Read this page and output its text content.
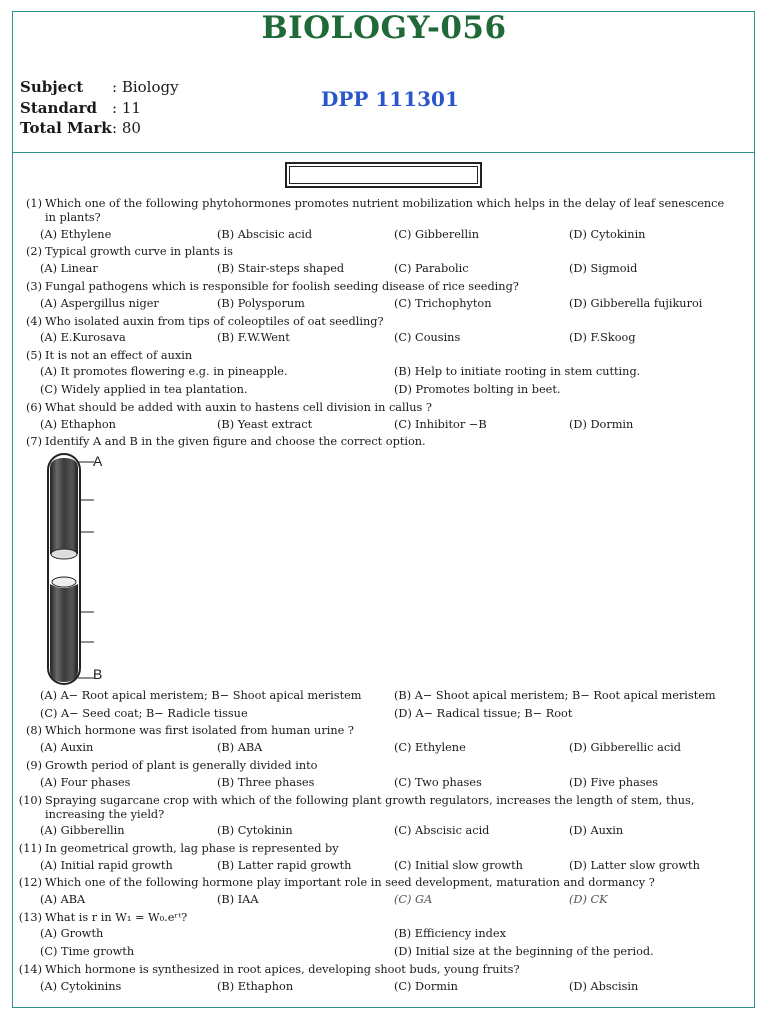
BIOLOGY-056
Subject : Biology
Standard : 11
Total Mark: 80
DPP 111301
(1) Which one of the following phytohormones promotes nutrient mobilization which helps in the delay of leaf senescence in plants?
(A) Ethylene	(B) Abscisic acid	(C) Gibberellin	(D) Cytokinin
(2) Typical growth curve in plants is
(A) Linear	(B) Stair-steps shaped	(C) Parabolic	(D) Sigmoid
(3) Fungal pathogens which is responsible for foolish seeding disease of rice seeding?
(A) Aspergillus niger	(B) Polysporum	(C) Trichophyton	(D) Gibberella fujikuroi
(4) Who isolated auxin from tips of coleoptiles of oat seedling?
(A) E.Kurosava	(B) F.W.Went	(C) Cousins	(D) F.Skoog
(5) It is not an effect of auxin
(A) It promotes flowering e.g. in pineapple.	(B) Help to initiate rooting in stem cutting.
(C) Widely applied in tea plantation.	(D) Promotes bolting in beet.
(6) What should be added with auxin to hastens cell division in callus ?
(A) Ethaphon	(B) Yeast extract	(C) Inhibitor −B	(D) Dormin
(7) Identify A and B in the given figure and choose the correct option.
A
B
(A) A− Root apical meristem; B− Shoot apical meristem	(B) A− Shoot apical meristem; B− Root apical meristem
(C) A− Seed coat; B− Radicle tissue	(D) A− Radical tissue; B− Root
(8) Which hormone was first isolated from human urine ?
(A) Auxin	(B) ABA	(C) Ethylene	(D) Gibberellic acid
(9) Growth period of plant is generally divided into
(A) Four phases	(B) Three phases	(C) Two phases	(D) Five phases
(10) Spraying sugarcane crop with which of the following plant growth regulators, increases the length of stem, thus, increasing the yield?
(A) Gibberellin	(B) Cytokinin	(C) Abscisic acid	(D) Auxin
(11) In geometrical growth, lag phase is represented by
(A) Initial rapid growth	(B) Latter rapid growth	(C) Initial slow growth	(D) Latter slow growth
(12) Which one of the following hormone play important role in seed development, maturation and dormancy ?
(A) ABA	(B) IAA	(C) GA	(D) CK
(13) What is r in W₁ = W₀.eʳᵗ?
(A) Growth	(B) Efficiency index
(C) Time growth	(D) Initial size at the beginning of the period.
(14) Which hormone is synthesized in root apices, developing shoot buds, young fruits?
(A) Cytokinins	(B) Ethaphon	(C) Dormin	(D) Abscisin
